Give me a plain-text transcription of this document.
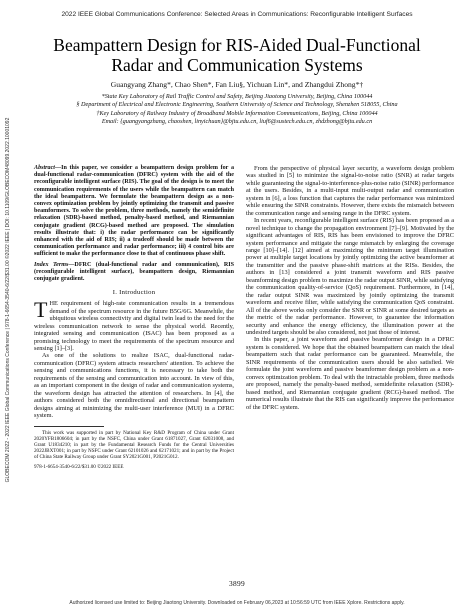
2022 IEEE Global Communications Conference: Selected Areas in Communications: Reconfigurable Intelligent Surfaces
GLOBECOM 2022 - 2022 IEEE Global Communications Conference | 978-1-6654-3540-6/22/$31.00 ©2022 IEEE | DOI: 10.1109/GLOBECOM48099.2022.10001092
Beampattern Design for RIS-Aided Dual-Functional
Radar and Communication Systems
Guangyang Zhang*, Chao Shen*, Fan Liu§, Yichuan Lin*, and Zhangdui Zhong*†
*State Key Laboratory of Rail Traffic Control and Safety, Beijing Jiaotong University, Beijing, China 100044
§ Department of Electrical and Electronic Engineering, Southern University of Science and Technology, Shenzhen 518055, China
†Key Laboratory of Railway Industry of Broadband Mobile Information Communications, Beijing, China 100044
Email: {guangyangzhang, chaoshen, linyichuan}@bjtu.edu.cn, liuf6@sustech.edu.cn, zhdzhong@bjtu.edu.cn

Abstract—In this paper, we consider a beampattern design problem for a dual-functional radar-communication (DFRC) system with the aid of the reconfigurable intelligent surface (RIS). The goal of the design is to meet the communication requirements of the users while the beampattern can match the ideal beampattern. We formulate the beampattern design as a non-convex optimization problem by jointly optimizing the transmit and passive beamformers. To solve the problem, three methods, namely the semidefinite relaxation (SDR)-based method, penalty-based method, and Riemannian conjugate gradient (RCG)-based method are proposed. The simulation results illustrate that: i) the radar performance can be significantly enhanced with the aid of RIS; ii) a tradeoff should be made between the communication performance and radar performance; iii) 4 control bits are sufficient to make the performance close to that of continuous phase shift.

Index Terms—DFRC (dual-functional radar and communication), RIS (reconfigurable intelligent surface), beampattern design, Riemannian conjugate gradient.

I. Introduction

THE requirement of high-rate communication results in a tremendous demand of the spectrum resource in the future B5G/6G. Meanwhile, the ubiquitous wireless connectivity and digital twin lead to the need for the wireless communication network to sense the physical world. Recently, integrated sensing and communication (ISAC) has been proposed as a promising technology to meet the requirements of the spectrum resource and sensing [1]–[3].

As one of the solutions to realize ISAC, dual-functional radar-communication (DFRC) system attracts researchers' attention. To achieve the sensing and communications functions, it is necessary to take both the requirements of the sensing and communication into account. In view of this, as an important component in the design of radar and communication systems, the waveform design has attracted the attention of researchers. In [4], the authors considered both the omnidirectional and directional beampattern designs aiming at minimizing the multi-user interference (MUI) in a DFRC system.

This work was supported in part by National Key R&D Program of China under Grant 2020YFB1806604; in part by the NSFC, China under Grant 61871027, Grant 62031008, and Grant U1834210; in part by the Fundamental Research Funds for the Central Universities 2022JBXT001; in part by NSFC under Grant 62101026 and 62171021; and in part by the Project of China State Railway Group under Grant SY2021G001, P2021G012.

978-1-6654-3540-6/22/$31.00 ©2022 IEEE

From the perspective of physical layer security, a waveform design problem was studied in [5] to minimize the signal-to-noise ratio (SNR) at radar targets while guaranteeing the signal-to-interference-plus-noise ratio (SINR) performance at the users. Besides, in a multi-input multi-output radar and communication system in [6], a loss function that captures the radar performance was minimized while ensuring the SINR constraints. However, there exists the mismatch between the communication range and sensing range in the DFRC system.

In recent years, reconfigurable intelligent surface (RIS) has been proposed as a novel technique to change the propagation environment [7]–[9]. Motivated by the significant advantages of RIS, RIS has been envisioned to improve the DFRC system performance and mitigate the range mismatch by enlarging the coverage range [10]–[14]. [12] aimed at maximizing the minimum target illumination power at multiple target locations by jointly optimizing the active beamformer at the transmitter and the passive phase-shift matrices at the RISs. Besides, the authors in [13] considered a joint transmit waveform and RIS passive beamforming design problem to maximize the radar output SINR, while satisfying the communication quality-of-service (QoS) requirement. Furthermore, in [14], the radar output SINR was maximized by jointly optimizing the transmit waveform and receive filter, while satisfying the communication QoS constraint. All of the above works only consider the SNR or SINR at some desired targets as the metric of the radar performance. However, to guarantee the information security and enhance the energy efficiency, the illumination power at the undesired targets should be also considered, not just those of interest.

In this paper, a joint waveform and passive beamformer design in a DFRC system is considered. We hope that the obtained beampattern can match the ideal beampattern such that radar performance can be guaranteed. Meanwhile, the SINR requirements of the communication users should be also satisfied. We formulate the joint waveform and passive beamformer design problem as a non-convex optimization problem. To deal with the intractable problem, three methods are proposed, namely the penalty-based method, semidefinite relaxation (SDR)-based method, and Riemannian conjugate gradient (RCG)-based method. The numerical results illustrate that the RIS can significantly improve the performance of the DFRC system.

3899
Authorized licensed use limited to: Beijing Jiaotong University. Downloaded on February 06,2023 at 10:56:59 UTC from IEEE Xplore. Restrictions apply.
